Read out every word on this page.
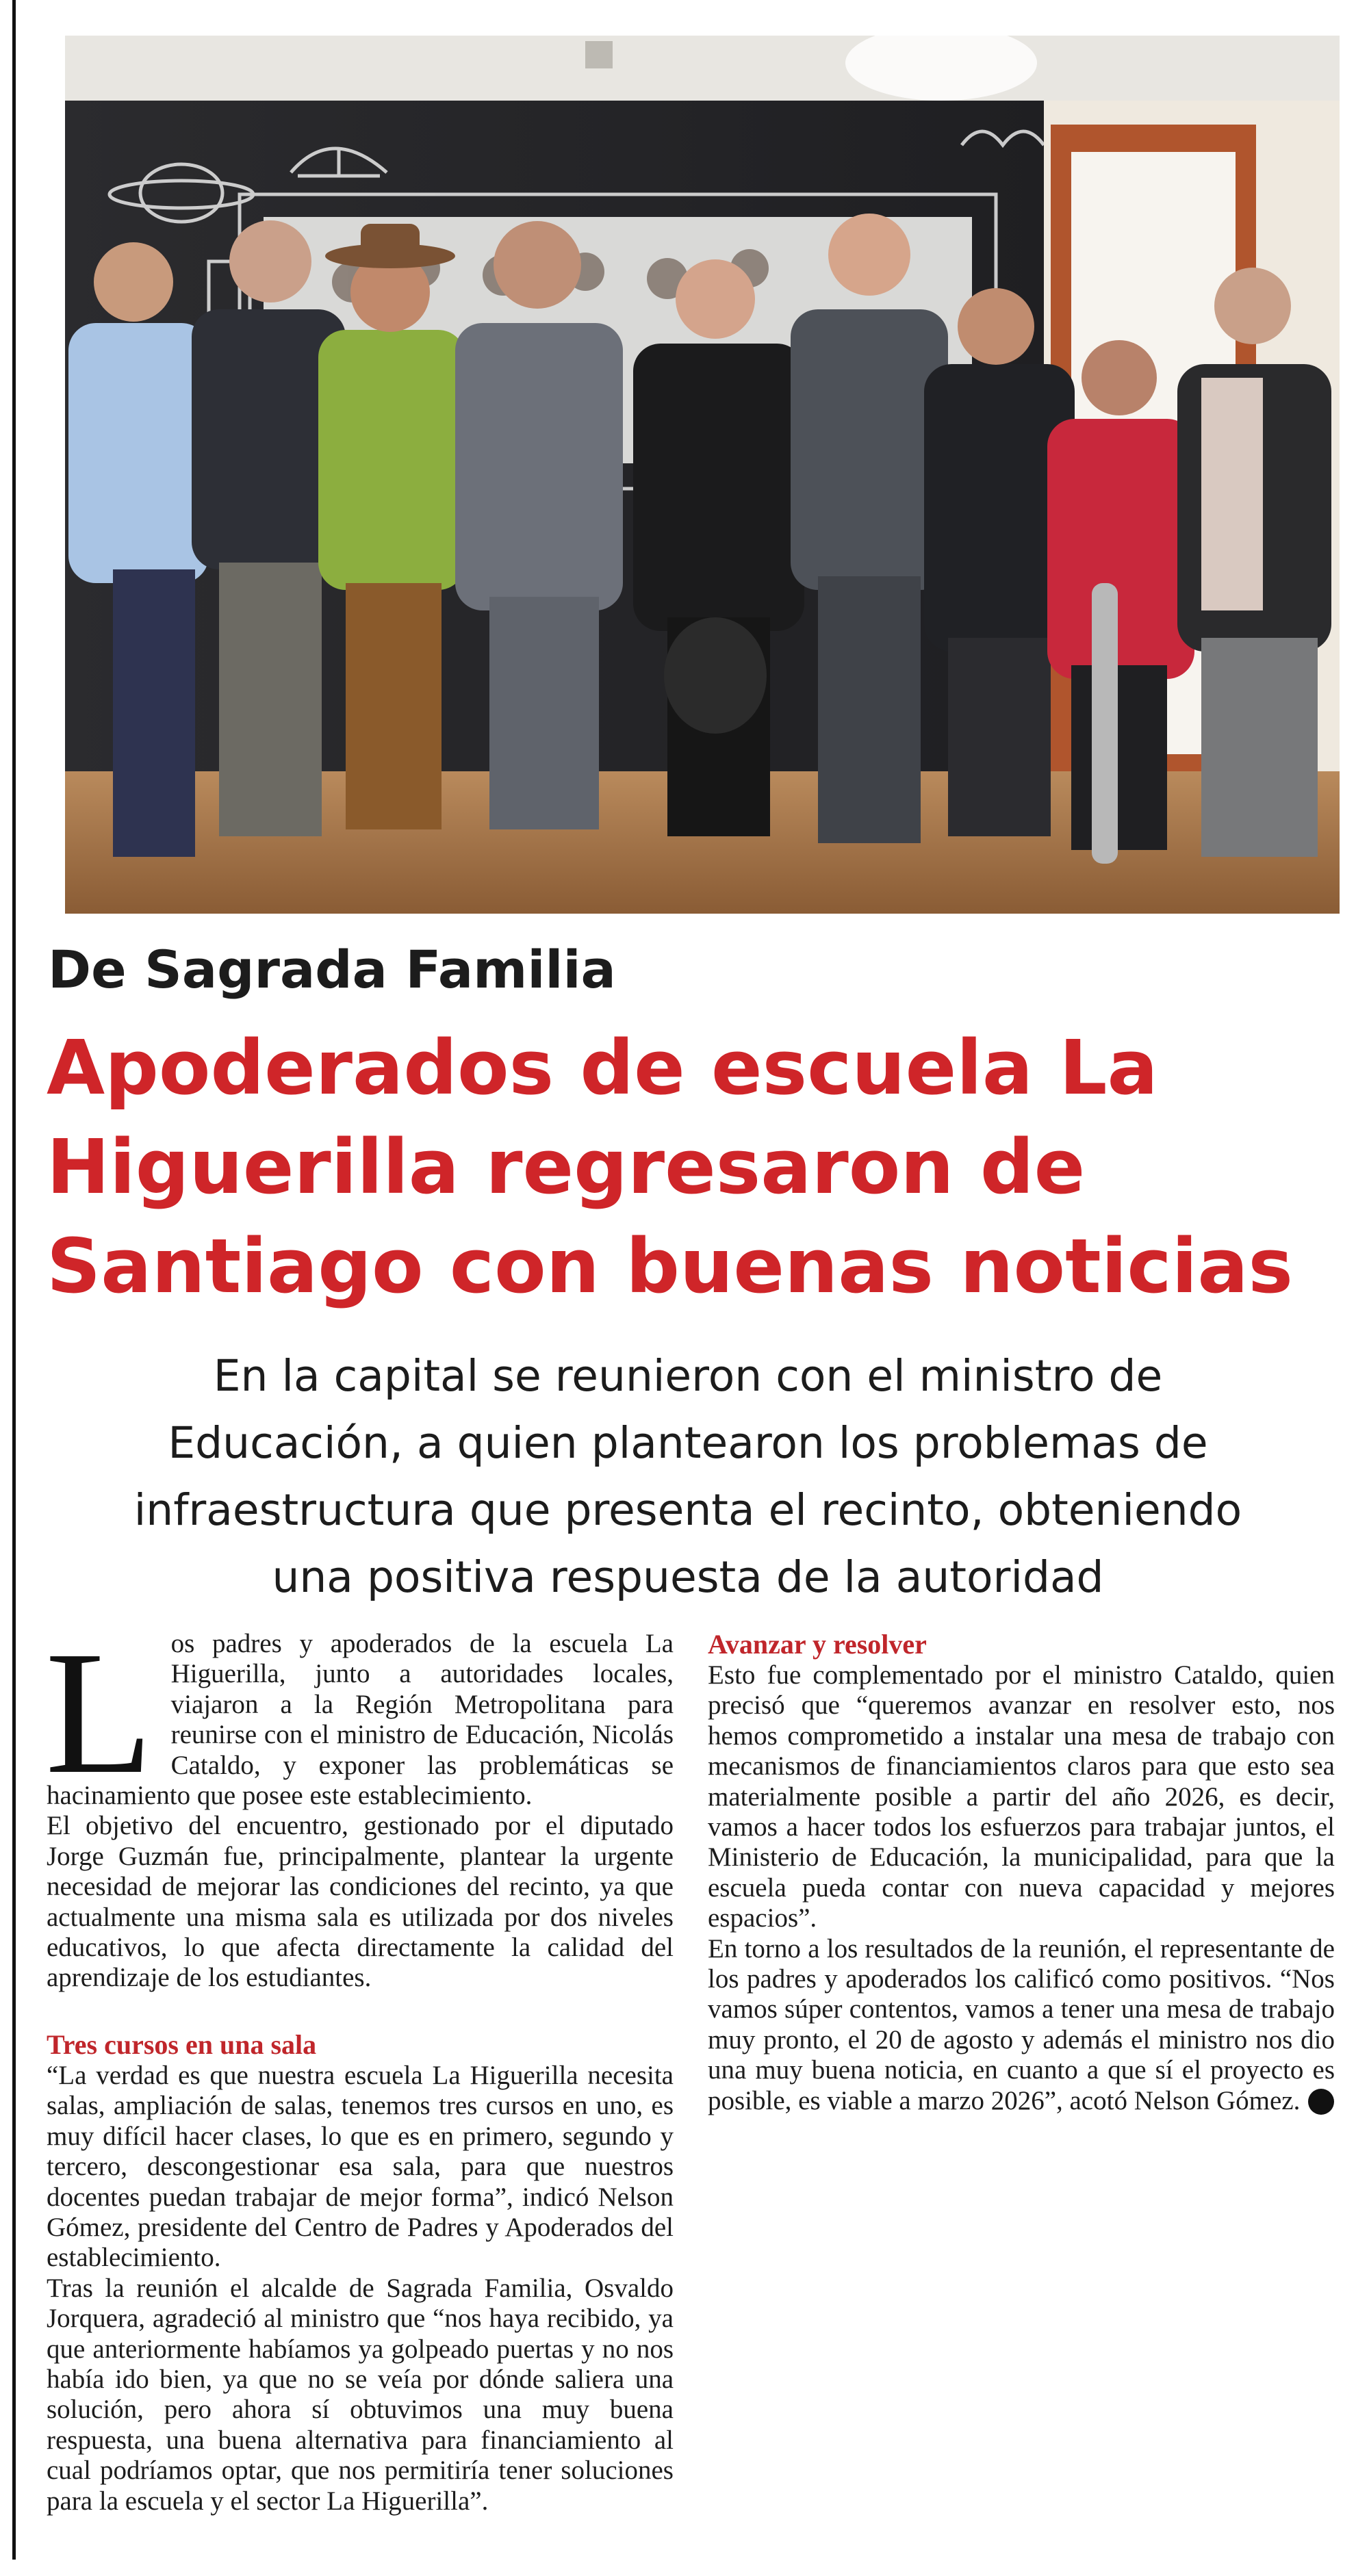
De Sagrada Familia
Apoderados de escuela La
Higuerilla regresaron de
Santiago con buenas noticias
En la capital se reunieron con el ministro de
Educación, a quien plantearon los problemas de
infraestructura que presenta el recinto, obteniendo
una positiva respuesta de la autoridad

Los padres y apoderados de la escuela La Higuerilla, junto a autoridades locales, viajaron a la Región Metropolitana para reunirse con el ministro de Educación, Nicolás Cataldo, y exponer las problemáticas se hacinamiento que posee este establecimiento.

El objetivo del encuentro, gestionado por el diputado Jorge Guzmán fue, principalmente, plantear la urgente necesidad de mejorar las condiciones del recinto, ya que actualmente una misma sala es utilizada por dos niveles educativos, lo que afecta directamente la calidad del aprendizaje de los estudiantes.

Tres cursos en una sala

“La verdad es que nuestra escuela La Higuerilla necesita salas, ampliación de salas, tenemos tres cursos en uno, es muy difícil hacer clases, lo que es en primero, segundo y tercero, descongestionar esa sala, para que nuestros docentes puedan trabajar de mejor forma”, indicó Nelson Gómez, presidente del Centro de Padres y Apoderados del establecimiento.

Tras la reunión el alcalde de Sagrada Familia, Osvaldo Jorquera, agradeció al ministro que “nos haya recibido, ya que anteriormente habíamos ya golpeado puertas y no nos había ido bien, ya que no se veía por dónde saliera una solución, pero ahora sí obtuvimos una muy buena respuesta, una buena alternativa para financiamiento al cual podríamos optar, que nos permitiría tener soluciones para la escuela y el sector La Higuerilla”.

Avanzar y resolver

Esto fue complementado por el ministro Cataldo, quien precisó que “queremos avanzar en resolver esto, nos hemos comprometido a instalar una mesa de trabajo con mecanismos de financiamientos claros para que esto sea materialmente posible a partir del año 2026, es decir, vamos a hacer todos los esfuerzos para trabajar juntos, el Ministerio de Educación, la municipalidad, para que la escuela pueda contar con nueva capacidad y mejores espacios”.

En torno a los resultados de la reunión, el representante de los padres y apoderados los calificó como positivos. “Nos vamos súper contentos, vamos a tener una mesa de trabajo muy pronto, el 20 de agosto y además el ministro nos dio una muy buena noticia, en cuanto a que sí el proyecto es posible, es viable a marzo 2026”, acotó Nelson Gómez.
